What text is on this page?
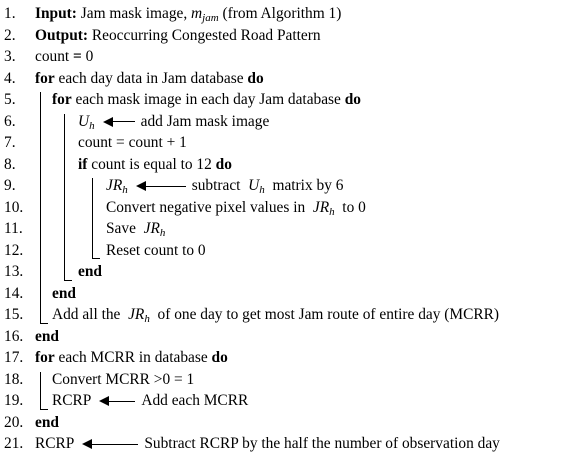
1. Input: Jam mask image, mjam (from Algorithm 1)
2. Output: Reoccurring Congested Road Pattern
3. count = 0
4. for each day data in Jam database do
5. for each mask image in each day Jam database do
6.	Uh	add Jam mask image
7.	count = count + 1
8.	if count is equal to 12 do
9.	JRh	subtract  Uh  matrix by 6
10.	Convert negative pixel values in  JRh  to 0
11.	Save  JRh
12.	Reset count to 0
13.	end
14. end
15. Add all the  JRh  of one day to get most Jam route of entire day (MCRR)
16. end
17. for each MCRR in database do
18. Convert MCRR >0 = 1
19. RCRP	Add each MCRR
20. end
21. RCRP	Subtract RCRP by the half the number of observation day
